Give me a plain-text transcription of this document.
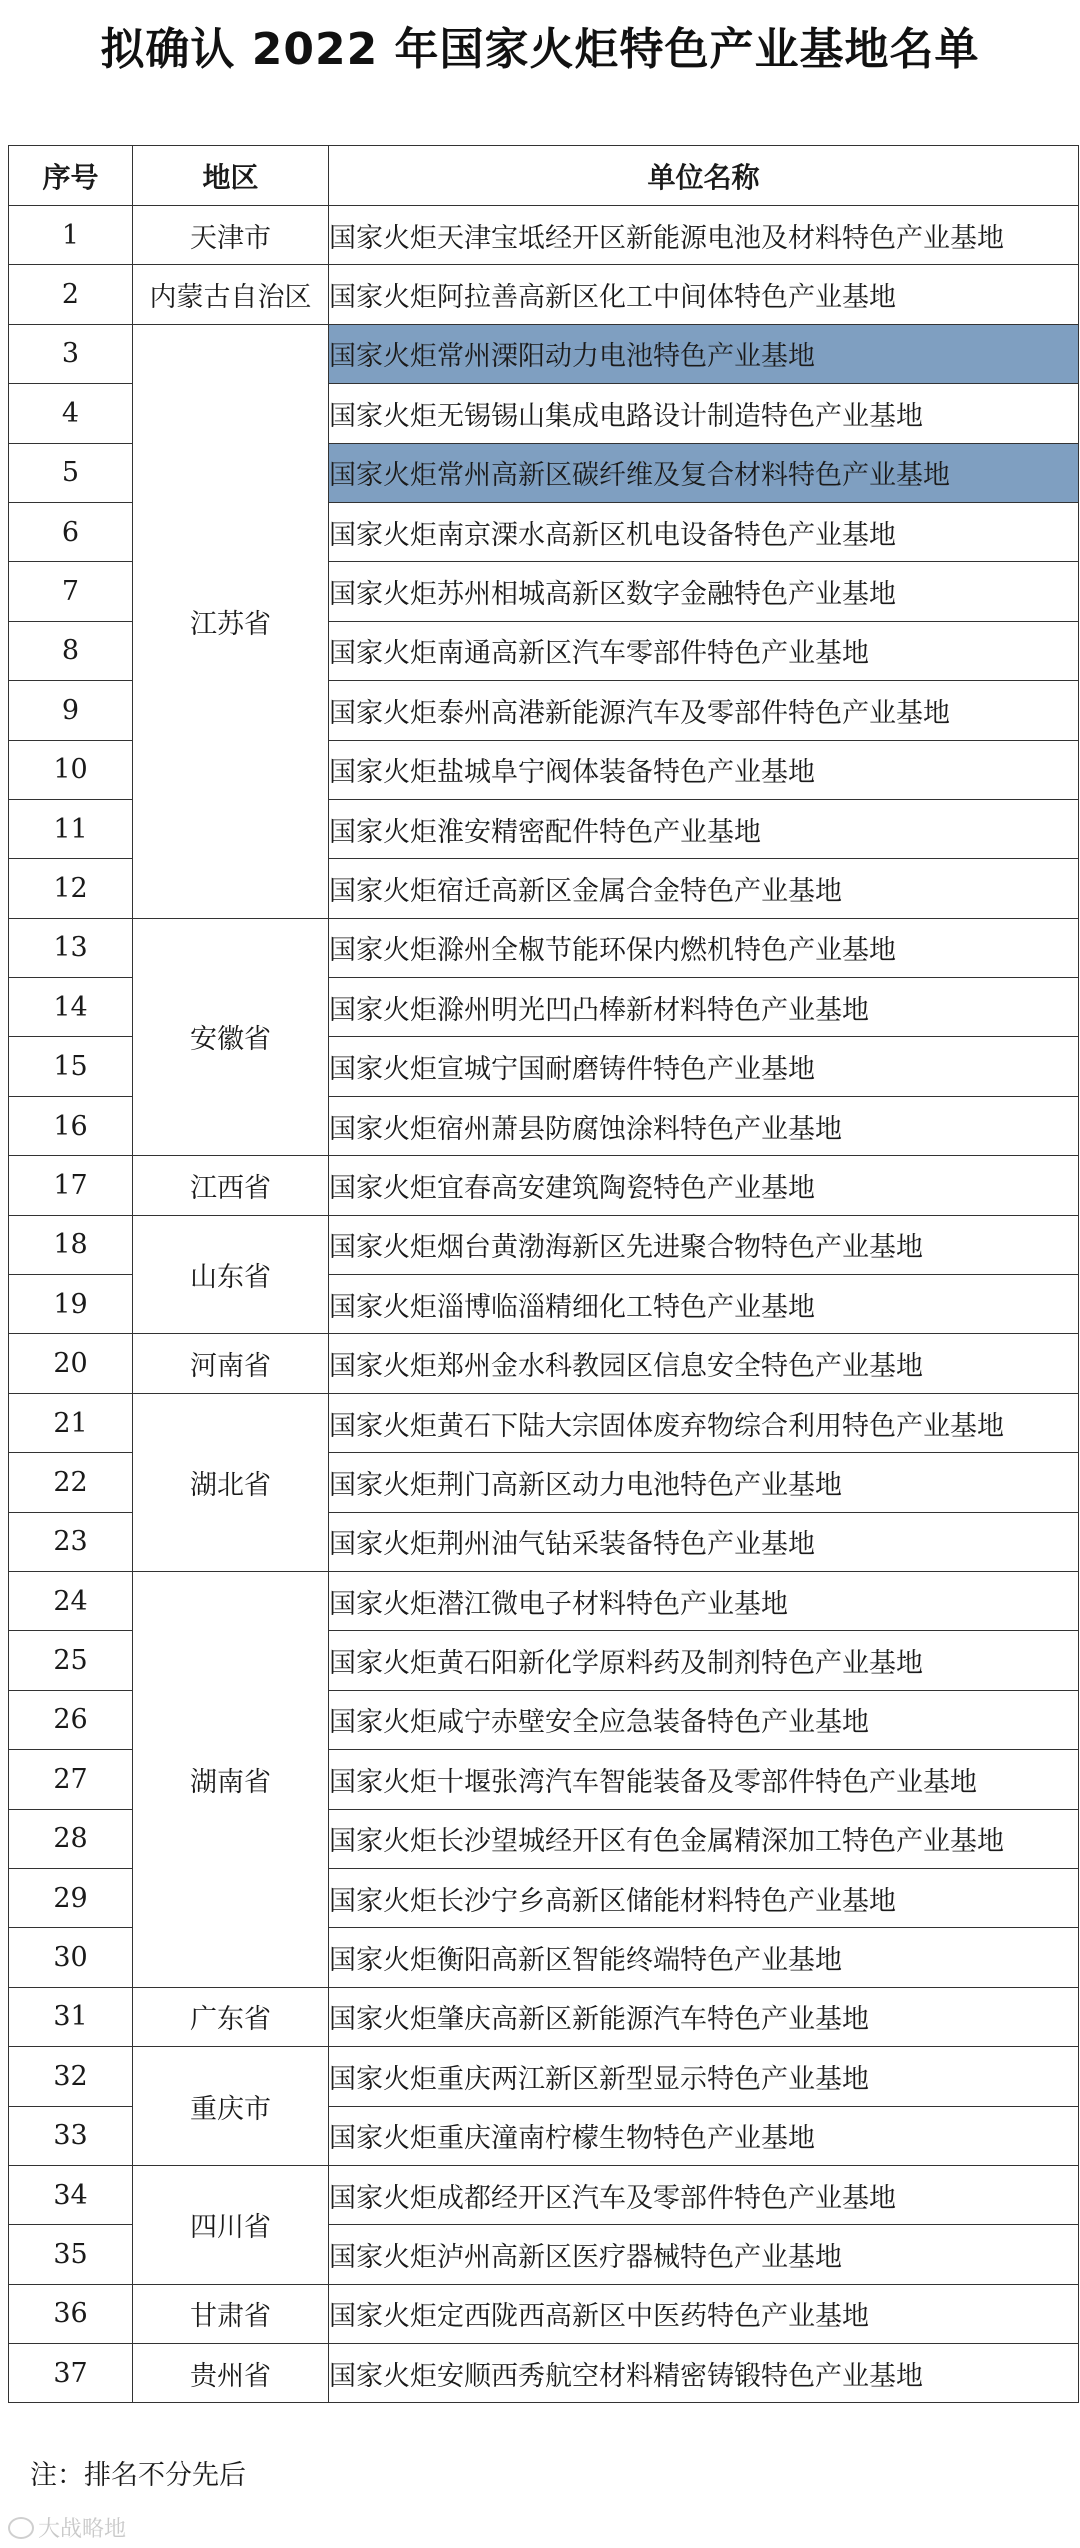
拟确认 2022 年国家火炬特色产业基地名单
序号	地区	单位名称
1	天津市	国家火炬天津宝坻经开区新能源电池及材料特色产业基地
2	内蒙古自治区	国家火炬阿拉善高新区化工中间体特色产业基地
3	江苏省	国家火炬常州溧阳动力电池特色产业基地
4		国家火炬无锡锡山集成电路设计制造特色产业基地
5		国家火炬常州高新区碳纤维及复合材料特色产业基地
6		国家火炬南京溧水高新区机电设备特色产业基地
7		国家火炬苏州相城高新区数字金融特色产业基地
8		国家火炬南通高新区汽车零部件特色产业基地
9		国家火炬泰州高港新能源汽车及零部件特色产业基地
10		国家火炬盐城阜宁阀体装备特色产业基地
11		国家火炬淮安精密配件特色产业基地
12		国家火炬宿迁高新区金属合金特色产业基地
13	安徽省	国家火炬滁州全椒节能环保内燃机特色产业基地
14		国家火炬滁州明光凹凸棒新材料特色产业基地
15		国家火炬宣城宁国耐磨铸件特色产业基地
16		国家火炬宿州萧县防腐蚀涂料特色产业基地
17	江西省	国家火炬宜春高安建筑陶瓷特色产业基地
18	山东省	国家火炬烟台黄渤海新区先进聚合物特色产业基地
19		国家火炬淄博临淄精细化工特色产业基地
20	河南省	国家火炬郑州金水科教园区信息安全特色产业基地
21	湖北省	国家火炬黄石下陆大宗固体废弃物综合利用特色产业基地
22		国家火炬荆门高新区动力电池特色产业基地
23		国家火炬荆州油气钻采装备特色产业基地
24	湖南省	国家火炬潜江微电子材料特色产业基地
25		国家火炬黄石阳新化学原料药及制剂特色产业基地
26		国家火炬咸宁赤壁安全应急装备特色产业基地
27		国家火炬十堰张湾汽车智能装备及零部件特色产业基地
28		国家火炬长沙望城经开区有色金属精深加工特色产业基地
29		国家火炬长沙宁乡高新区储能材料特色产业基地
30		国家火炬衡阳高新区智能终端特色产业基地
31	广东省	国家火炬肇庆高新区新能源汽车特色产业基地
32	重庆市	国家火炬重庆两江新区新型显示特色产业基地
33		国家火炬重庆潼南柠檬生物特色产业基地
34	四川省	国家火炬成都经开区汽车及零部件特色产业基地
35		国家火炬泸州高新区医疗器械特色产业基地
36	甘肃省	国家火炬定西陇西高新区中医药特色产业基地
37	贵州省	国家火炬安顺西秀航空材料精密铸锻特色产业基地
注：排名不分先后
大战略地
